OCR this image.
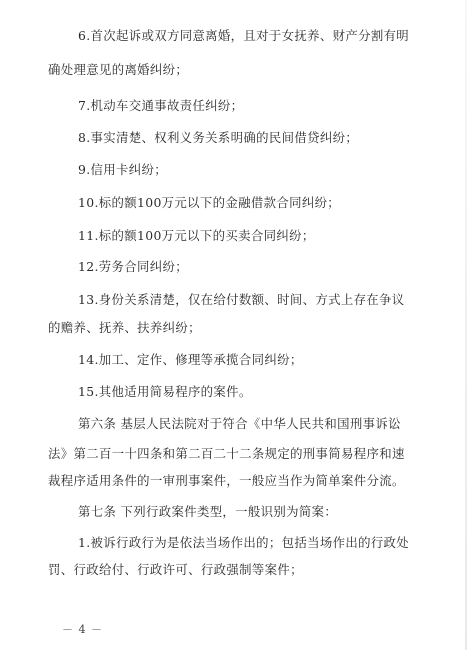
6.首次起诉或双方同意离婚，且对于女抚养、财产分割有明
确处理意见的离婚纠纷；
7.机动车交通事故责任纠纷；
8.事实清楚、权利义务关系明确的民间借贷纠纷；
9.信用卡纠纷；
10.标的额100万元以下的金融借款合同纠纷；
11.标的额100万元以下的买卖合同纠纷；
12.劳务合同纠纷；
13.身份关系清楚，仅在给付数额、时间、方式上存在争议
的赡养、抚养、扶养纠纷；
14.加工、定作、修理等承揽合同纠纷；
15.其他适用简易程序的案件。
第六条 基层人民法院对于符合《中华人民共和国刑事诉讼
法》第二百一十四条和第二百二十二条规定的刑事简易程序和速
裁程序适用条件的一审刑事案件，一般应当作为简单案件分流。
第七条 下列行政案件类型，一般识别为简案：
1.被诉行政行为是依法当场作出的；包括当场作出的行政处
罚、行政给付、行政许可、行政强制等案件；
－ 4 －
